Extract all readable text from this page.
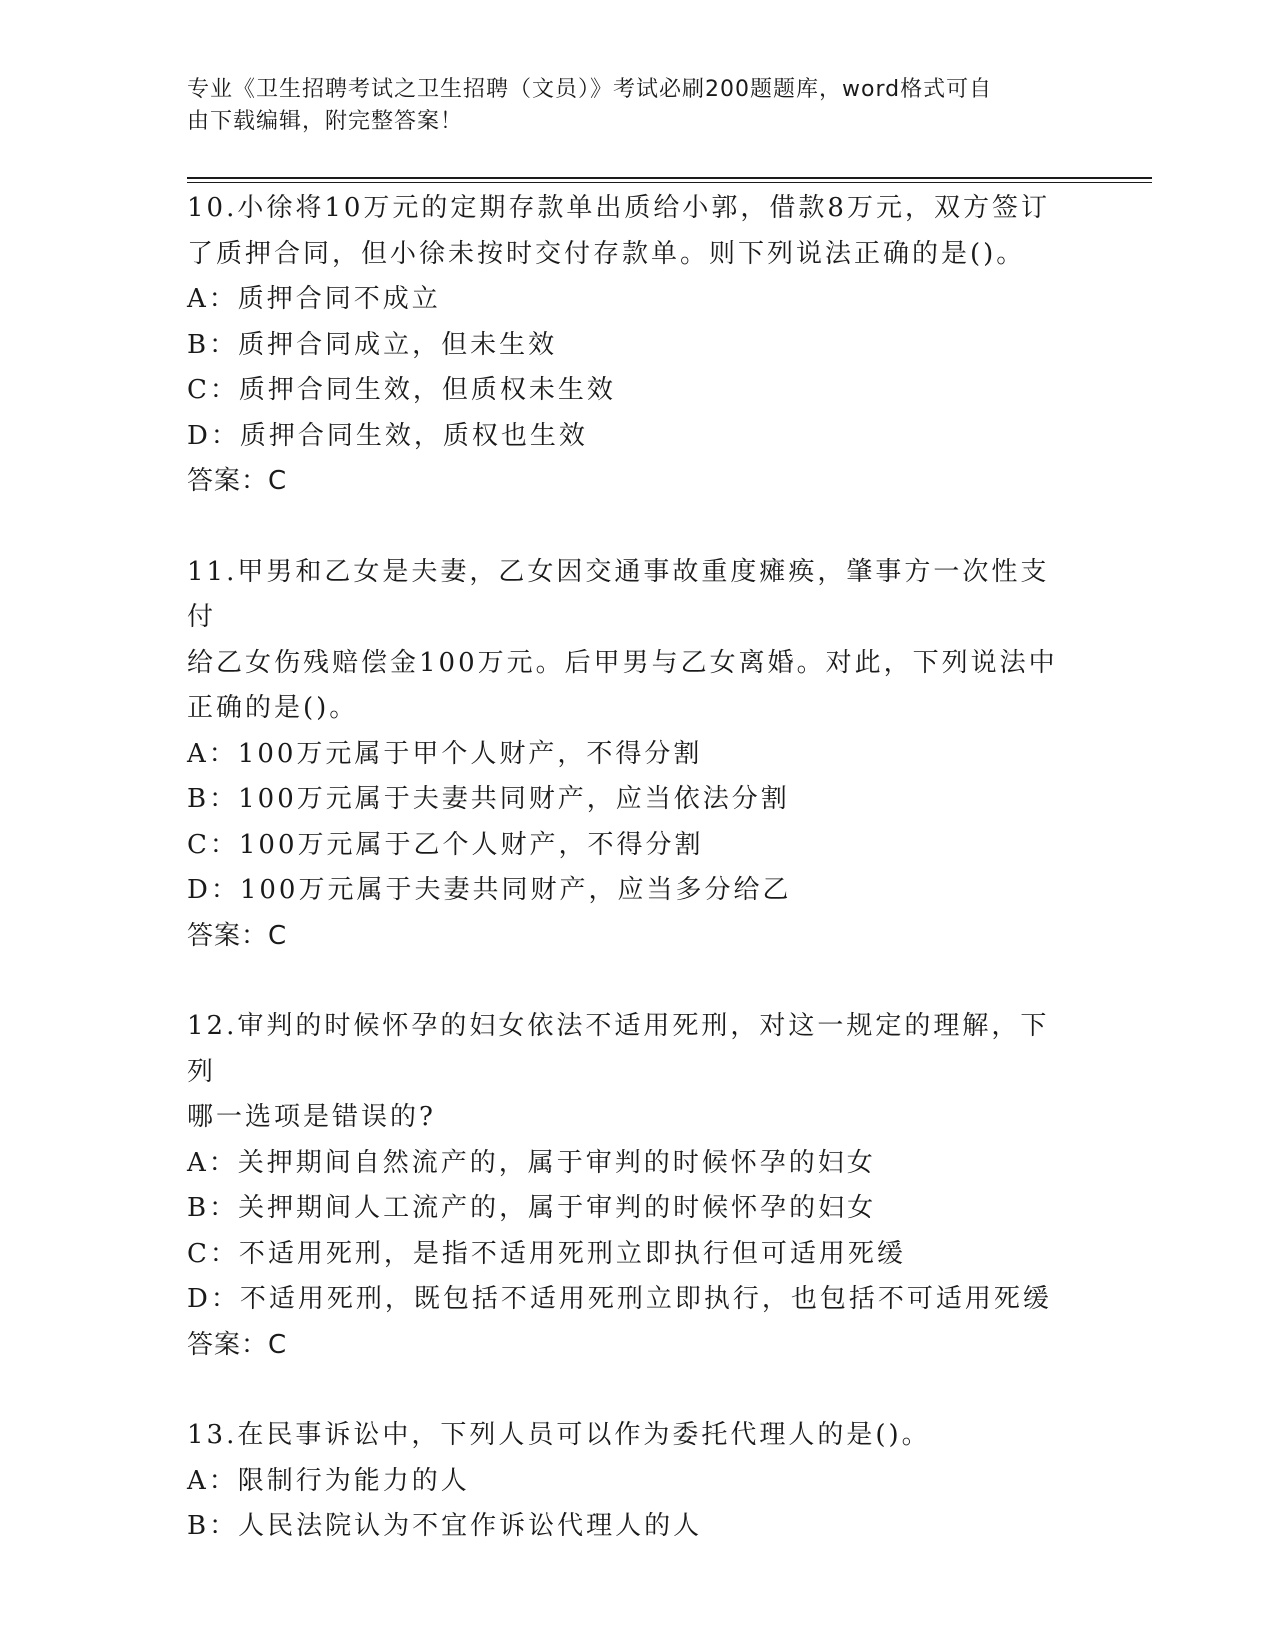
专业《卫生招聘考试之卫生招聘（文员）》考试必刷200题题库，word格式可自
由下载编辑，附完整答案！
10.小徐将10万元的定期存款单出质给小郭，借款8万元，双方签订
了质押合同，但小徐未按时交付存款单。则下列说法正确的是()。
A：质押合同不成立
B：质押合同成立，但未生效
C：质押合同生效，但质权未生效
D：质押合同生效，质权也生效
答案：C
11.甲男和乙女是夫妻，乙女因交通事故重度瘫痪，肇事方一次性支付
给乙女伤残赔偿金100万元。后甲男与乙女离婚。对此，下列说法中
正确的是()。
A：100万元属于甲个人财产，不得分割
B：100万元属于夫妻共同财产，应当依法分割
C：100万元属于乙个人财产，不得分割
D：100万元属于夫妻共同财产，应当多分给乙
答案：C
12.审判的时候怀孕的妇女依法不适用死刑，对这一规定的理解，下列
哪一选项是错误的?
A：关押期间自然流产的，属于审判的时候怀孕的妇女
B：关押期间人工流产的，属于审判的时候怀孕的妇女
C：不适用死刑，是指不适用死刑立即执行但可适用死缓
D：不适用死刑，既包括不适用死刑立即执行，也包括不可适用死缓
答案：C
13.在民事诉讼中，下列人员可以作为委托代理人的是()。
A：限制行为能力的人
B：人民法院认为不宜作诉讼代理人的人
